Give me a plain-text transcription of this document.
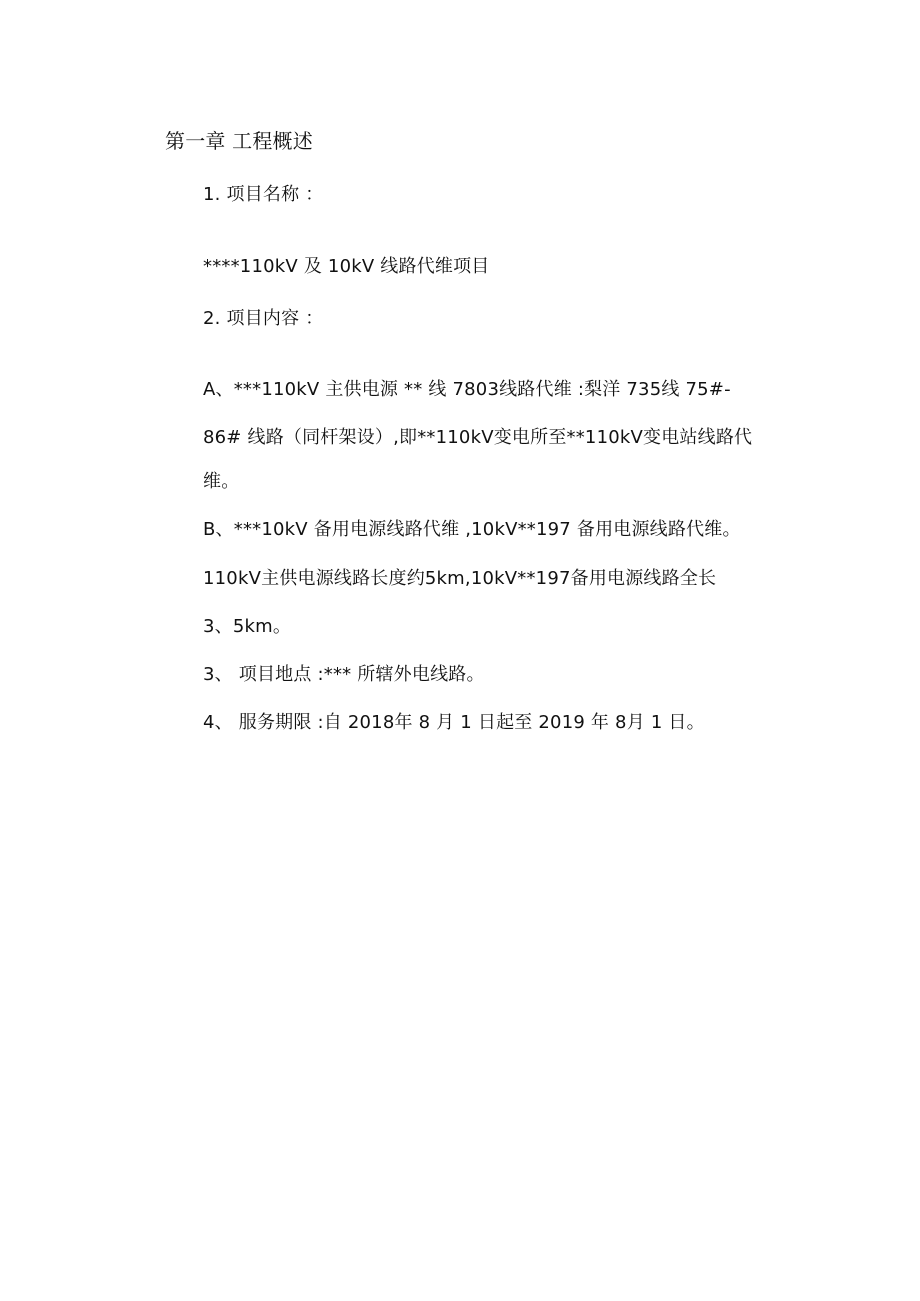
第一章 工程概述
1. 项目名称 ：
****110kV 及 10kV 线路代维项目
2. 项目内容 ：
A、***110kV 主供电源 ** 线 7803线路代维 :梨洋 735线 75#-
86# 线路（同杆架设）,即**110kV变电所至**110kV变电站线路代
维。
B、***10kV 备用电源线路代维 ,10kV**197 备用电源线路代维。
110kV主供电源线路长度约5km,10kV**197备用电源线路全长
3、5km。
3、 项目地点 :*** 所辖外电线路。
4、 服务期限 :自 2018年 8 月 1 日起至 2019 年 8月 1 日。
